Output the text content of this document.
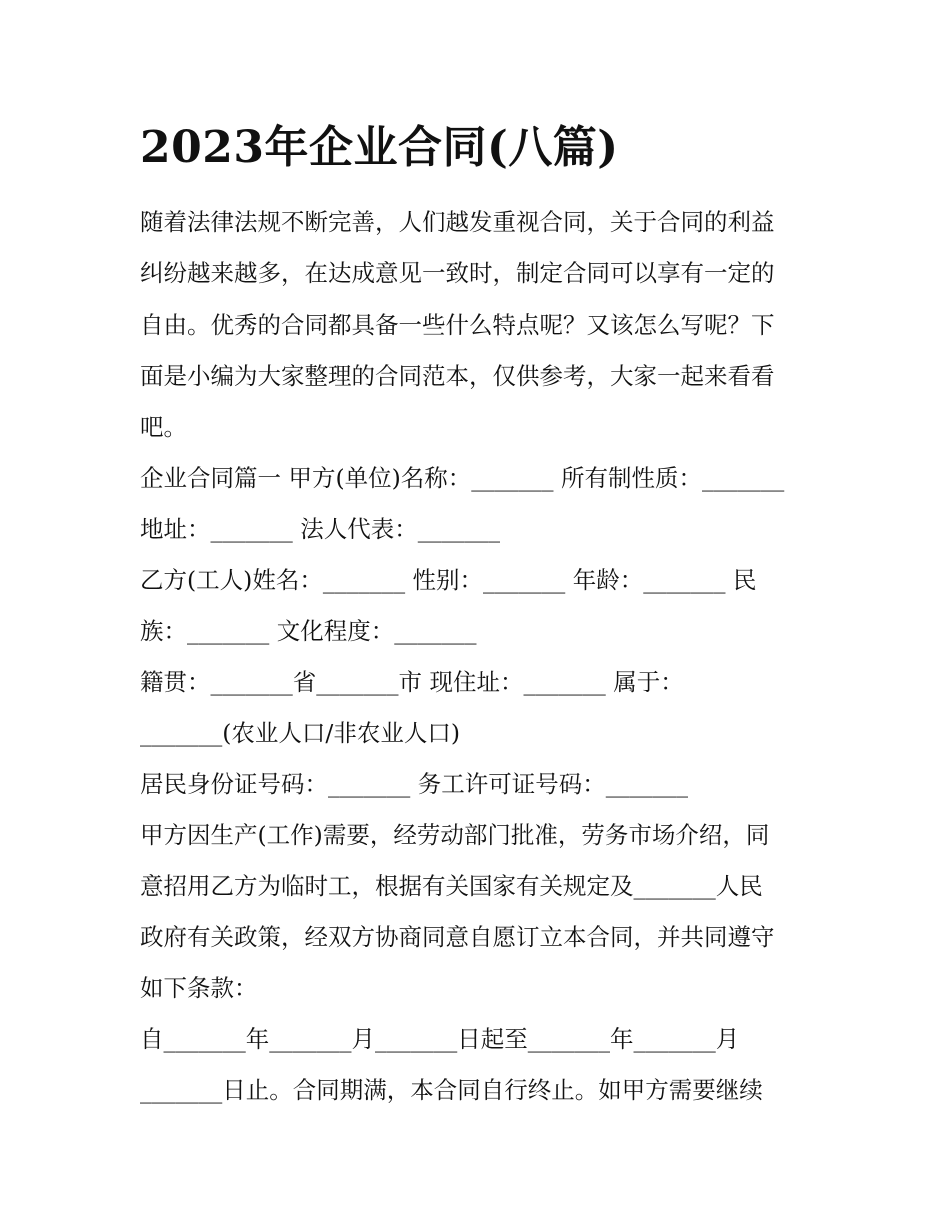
2023年企业合同(八篇)
随着法律法规不断完善，人们越发重视合同，关于合同的利益
纠纷越来越多，在达成意见一致时，制定合同可以享有一定的
自由。优秀的合同都具备一些什么特点呢？又该怎么写呢？下
面是小编为大家整理的合同范本，仅供参考，大家一起来看看
吧。
企业合同篇一 甲方(单位)名称：_______ 所有制性质：_______
地址：_______ 法人代表：_______
乙方(工人)姓名：_______ 性别：_______ 年龄：_______ 民
族：_______ 文化程度：_______
籍贯：_______省_______市 现住址：_______ 属于：
_______(农业人口/非农业人口)
居民身份证号码：_______ 务工许可证号码：_______
甲方因生产(工作)需要，经劳动部门批准，劳务市场介绍，同
意招用乙方为临时工，根据有关国家有关规定及_______人民
政府有关政策，经双方协商同意自愿订立本合同，并共同遵守
如下条款：
自_______年_______月_______日起至_______年_______月
_______日止。合同期满，本合同自行终止。如甲方需要继续
